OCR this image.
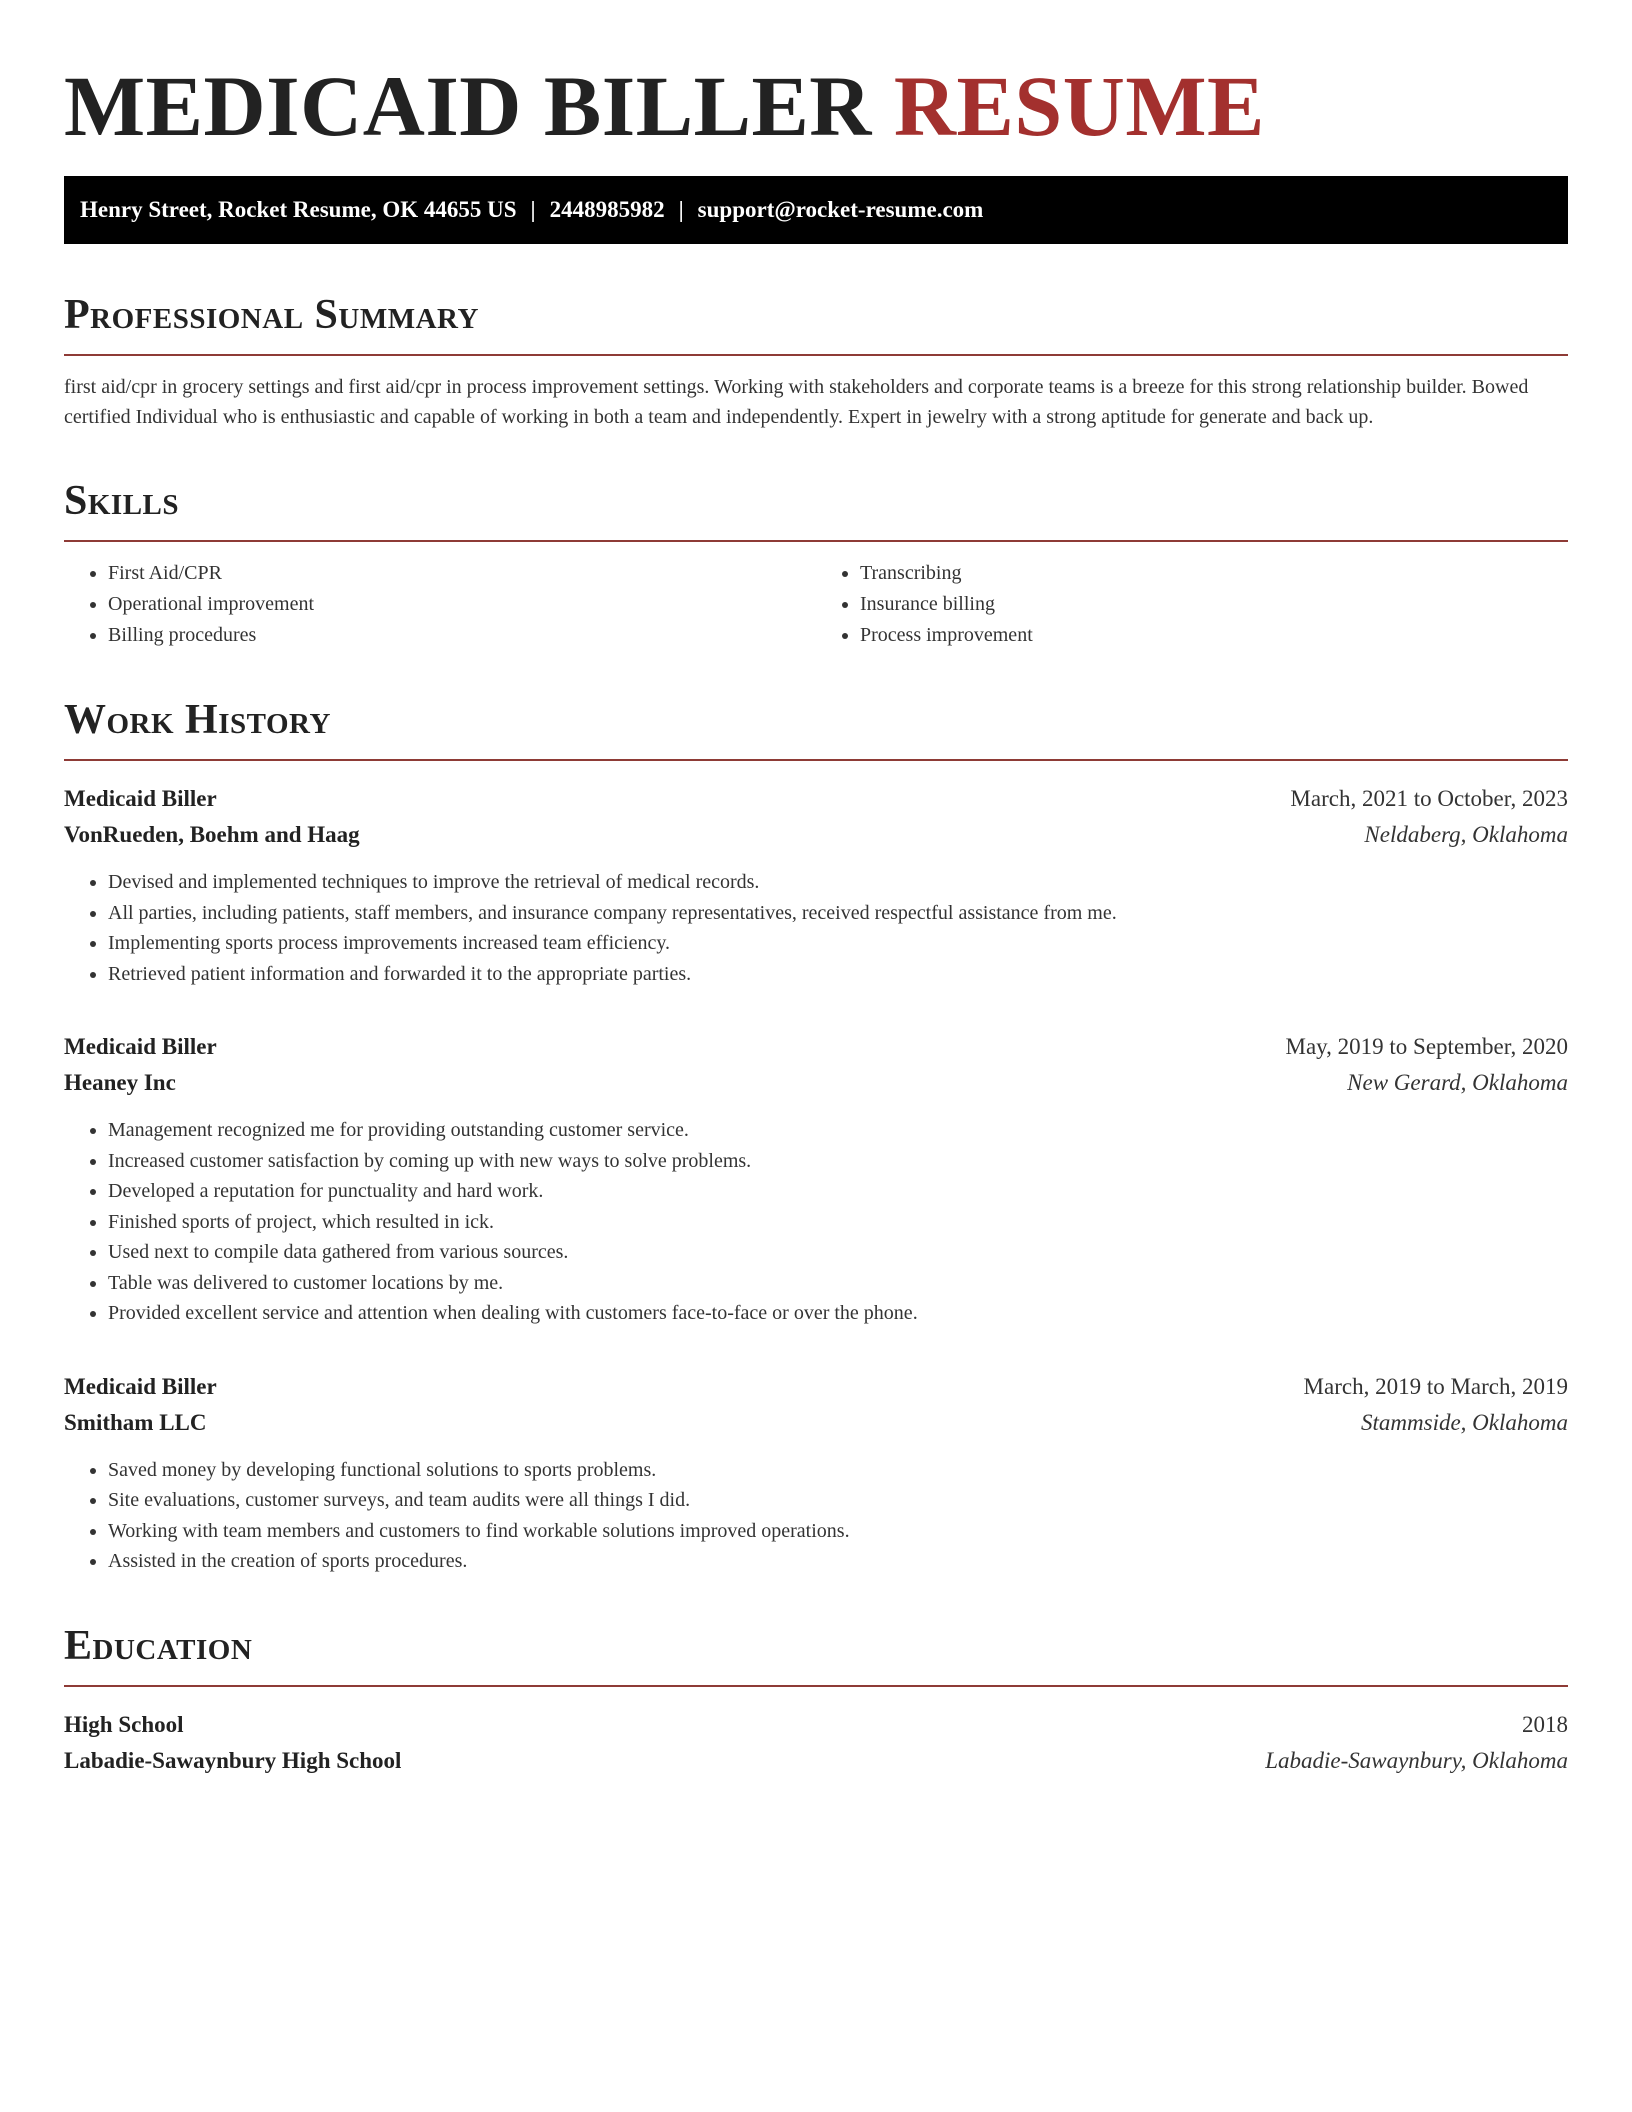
MEDICAID BILLER RESUME
Henry Street, Rocket Resume, OK 44655 US | 2448985982 | support@rocket-resume.com
Professional Summary

first aid/cpr in grocery settings and first aid/cpr in process improvement settings. Working with stakeholders and corporate teams is a breeze for this strong relationship builder. Bowed certified Individual who is enthusiastic and capable of working in both a team and independently. Expert in jewelry with a strong aptitude for generate and back up.

Skills
• First Aid/CPR
• Operational improvement
• Billing procedures
• Transcribing
• Insurance billing
• Process improvement
Work History
Medicaid Biller	March, 2021 to October, 2023
VonRueden, Boehm and Haag	Neldaberg, Oklahoma
• Devised and implemented techniques to improve the retrieval of medical records.
• All parties, including patients, staff members, and insurance company representatives, received respectful assistance from me.
• Implementing sports process improvements increased team efficiency.
• Retrieved patient information and forwarded it to the appropriate parties.
Medicaid Biller	May, 2019 to September, 2020
Heaney Inc	New Gerard, Oklahoma
• Management recognized me for providing outstanding customer service.
• Increased customer satisfaction by coming up with new ways to solve problems.
• Developed a reputation for punctuality and hard work.
• Finished sports of project, which resulted in ick.
• Used next to compile data gathered from various sources.
• Table was delivered to customer locations by me.
• Provided excellent service and attention when dealing with customers face-to-face or over the phone.
Medicaid Biller	March, 2019 to March, 2019
Smitham LLC	Stammside, Oklahoma
• Saved money by developing functional solutions to sports problems.
• Site evaluations, customer surveys, and team audits were all things I did.
• Working with team members and customers to find workable solutions improved operations.
• Assisted in the creation of sports procedures.
Education
High School	2018
Labadie-Sawaynbury High School	Labadie-Sawaynbury, Oklahoma
